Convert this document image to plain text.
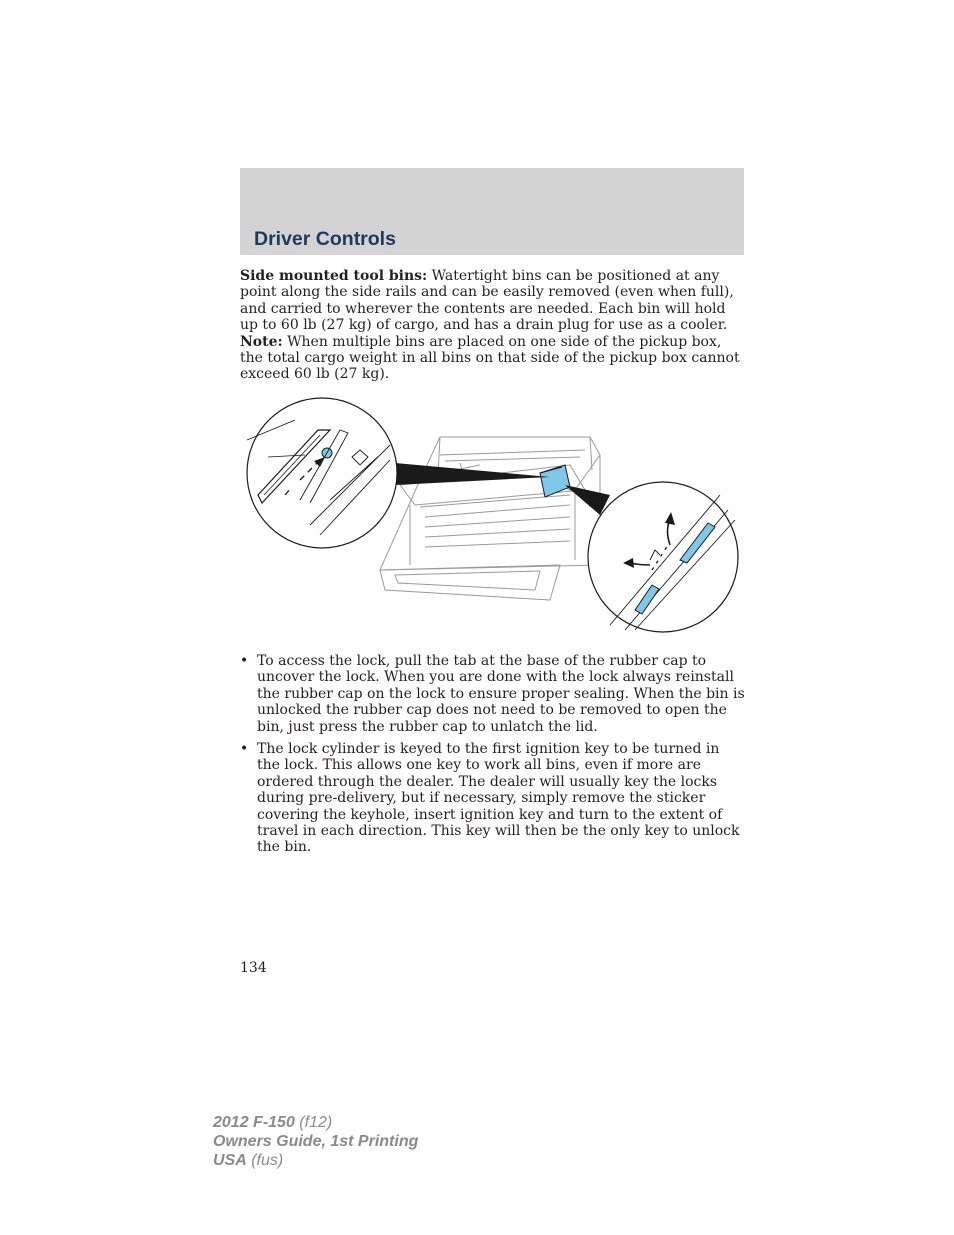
Driver Controls

Side mounted tool bins: Watertight bins can be positioned at any point along the side rails and can be easily removed (even when full), and carried to wherever the contents are needed. Each bin will hold up to 60 lb (27 kg) of cargo, and has a drain plug for use as a cooler. Note: When multiple bins are placed on one side of the pickup box, the total cargo weight in all bins on that side of the pickup box cannot exceed 60 lb (27 kg).

• To access the lock, pull the tab at the base of the rubber cap to uncover the lock. When you are done with the lock always reinstall the rubber cap on the lock to ensure proper sealing. When the bin is unlocked the rubber cap does not need to be removed to open the bin, just press the rubber cap to unlatch the lid.
• The lock cylinder is keyed to the first ignition key to be turned in the lock. This allows one key to work all bins, even if more are ordered through the dealer. The dealer will usually key the locks during pre-delivery, but if necessary, simply remove the sticker covering the keyhole, insert ignition key and turn to the extent of travel in each direction. This key will then be the only key to unlock the bin.
134
2012 F-150 (f12)
Owners Guide, 1st Printing
USA (fus)
